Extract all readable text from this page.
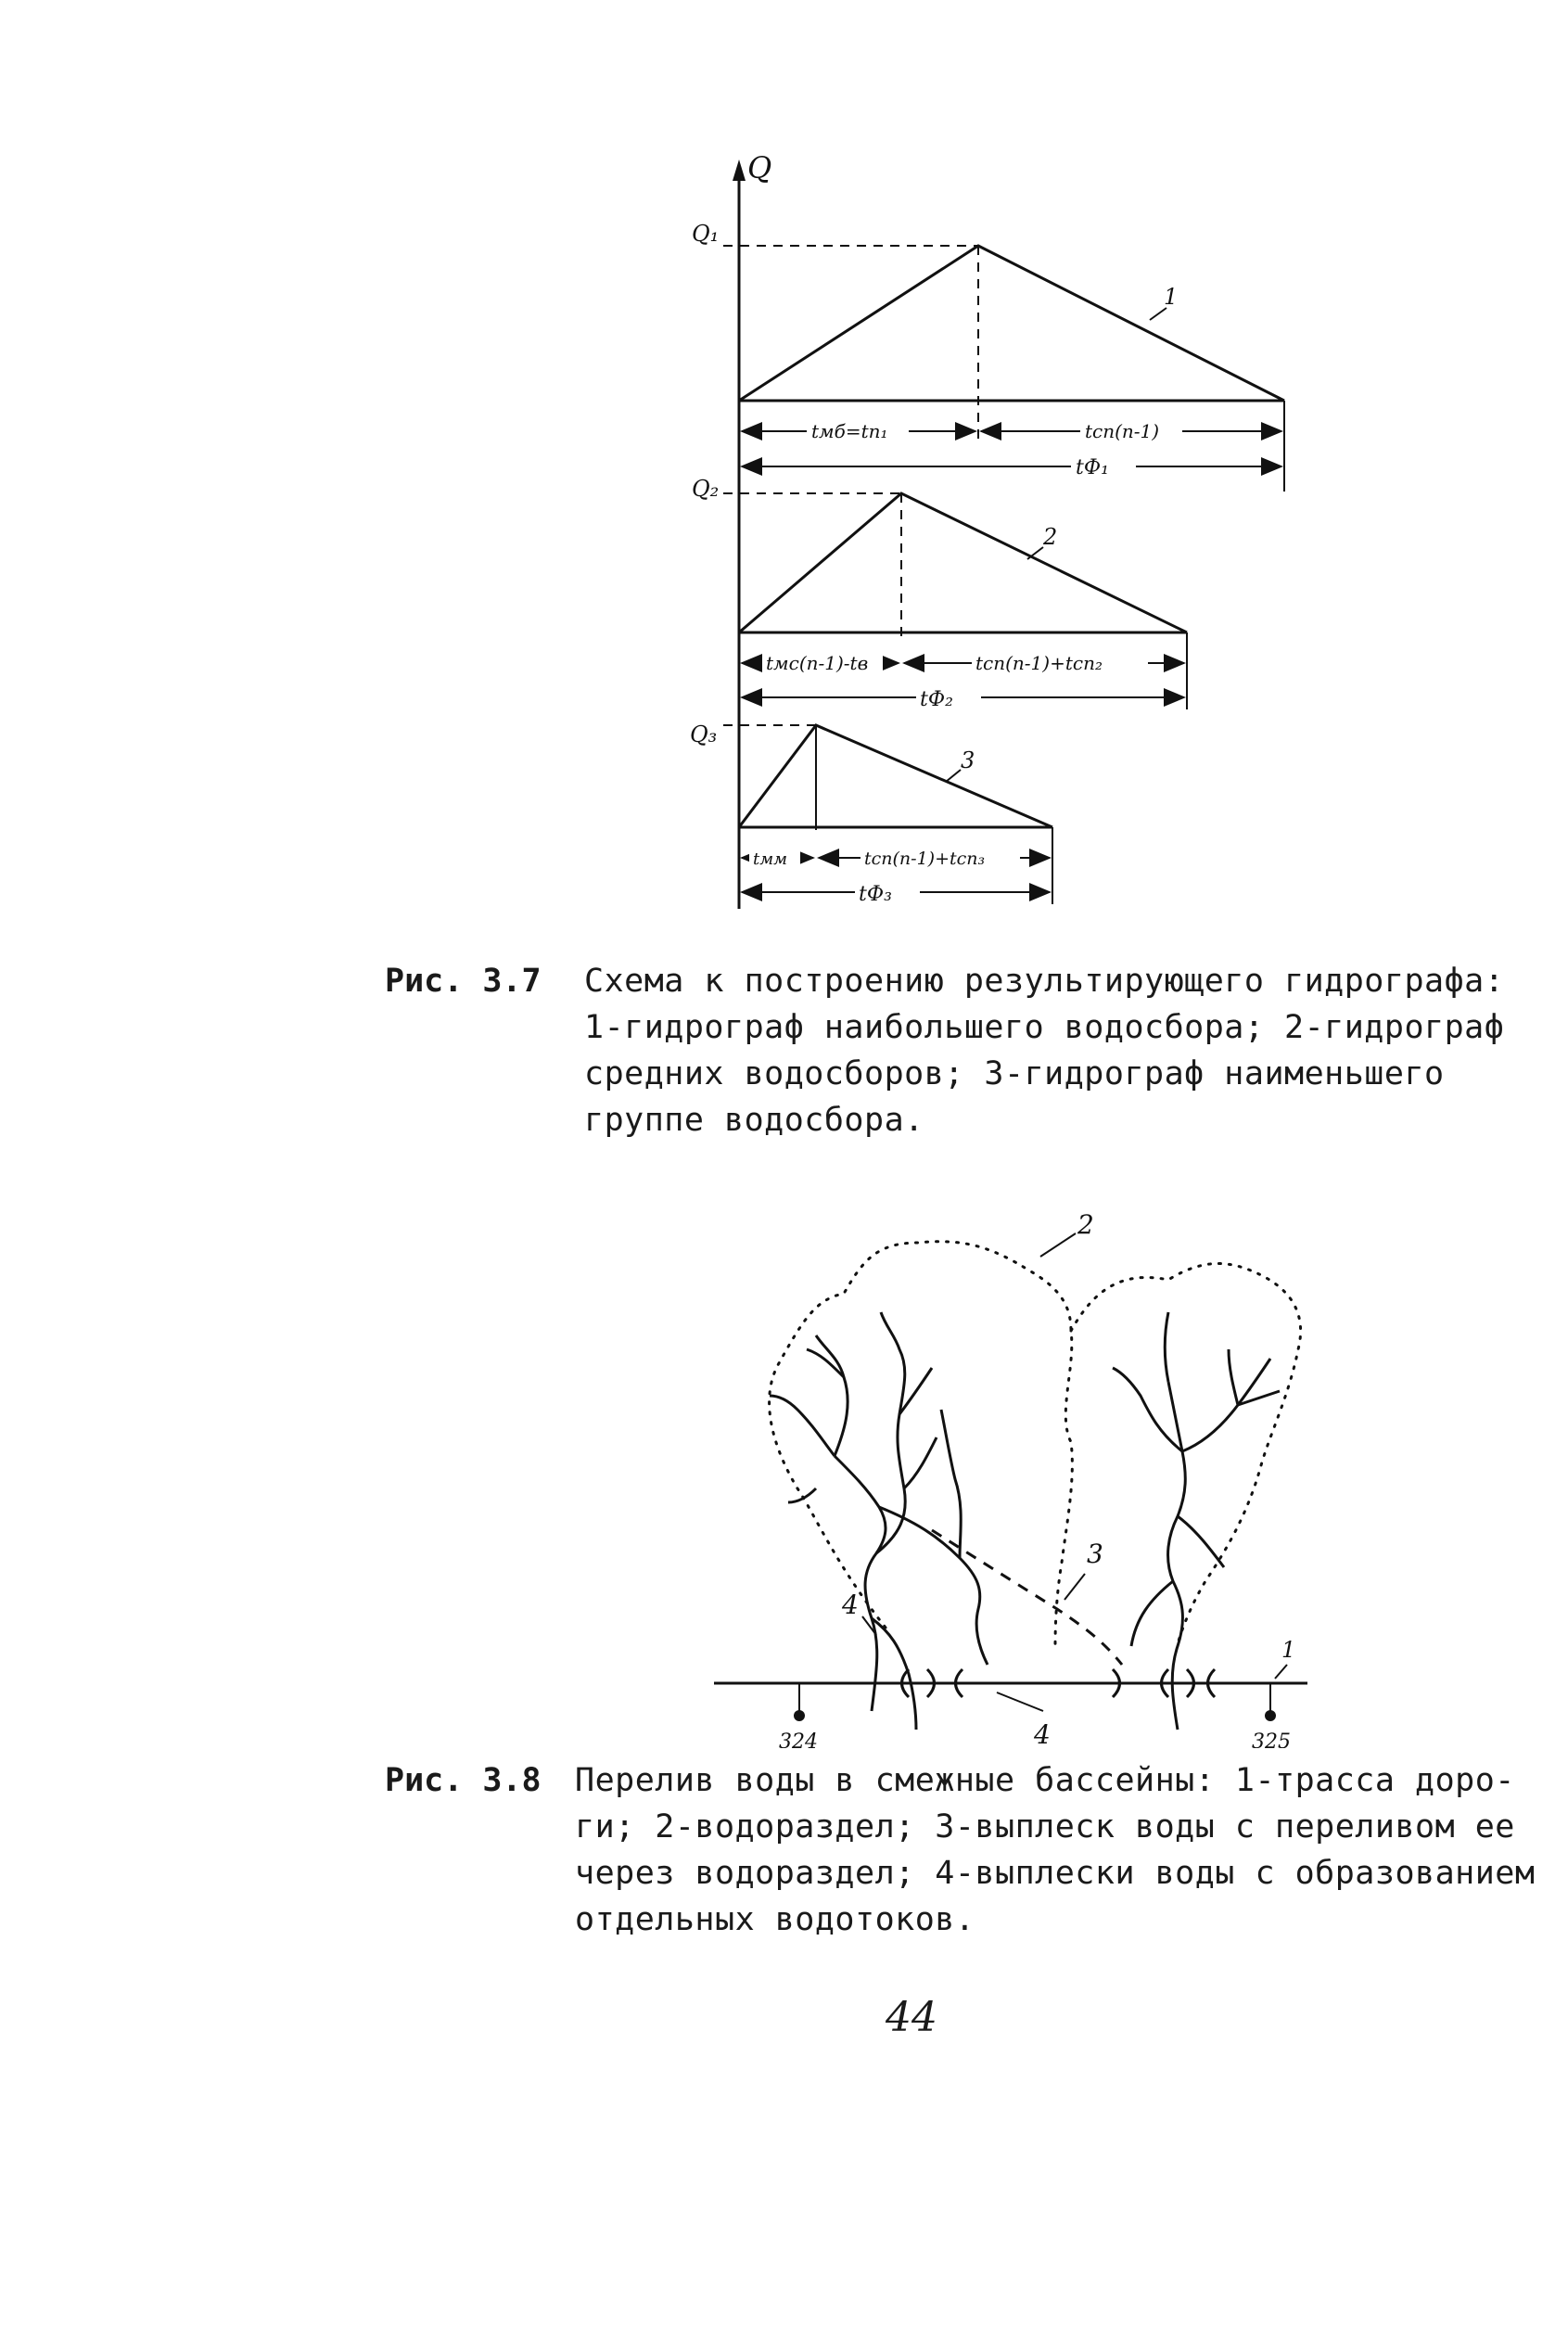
Q
Q₁
1
tмб=tп₁	tсп(п-1)
tФ₁
Q₂
2
tмс(п-1)-tв	tсп(п-1)+tсп₂
tФ₂
Q₃
3
tмм	tсп(п-1)+tсп₃
tФ₃
Рис. 3.7 Схема к построению результирующего гидрографа:
1-гидрограф наибольшего водосбора; 2-гидрограф
средних водосборов; 3-гидрограф наименьшего
группе водосбора.
324	325
2
3
4
4
1
Рис. 3.8 Перелив воды в смежные бассейны: 1-трасса доро-
ги; 2-водораздел; 3-выплеск воды с переливом ее
через водораздел; 4-выплески воды с образованием
отдельных водотоков.
44
